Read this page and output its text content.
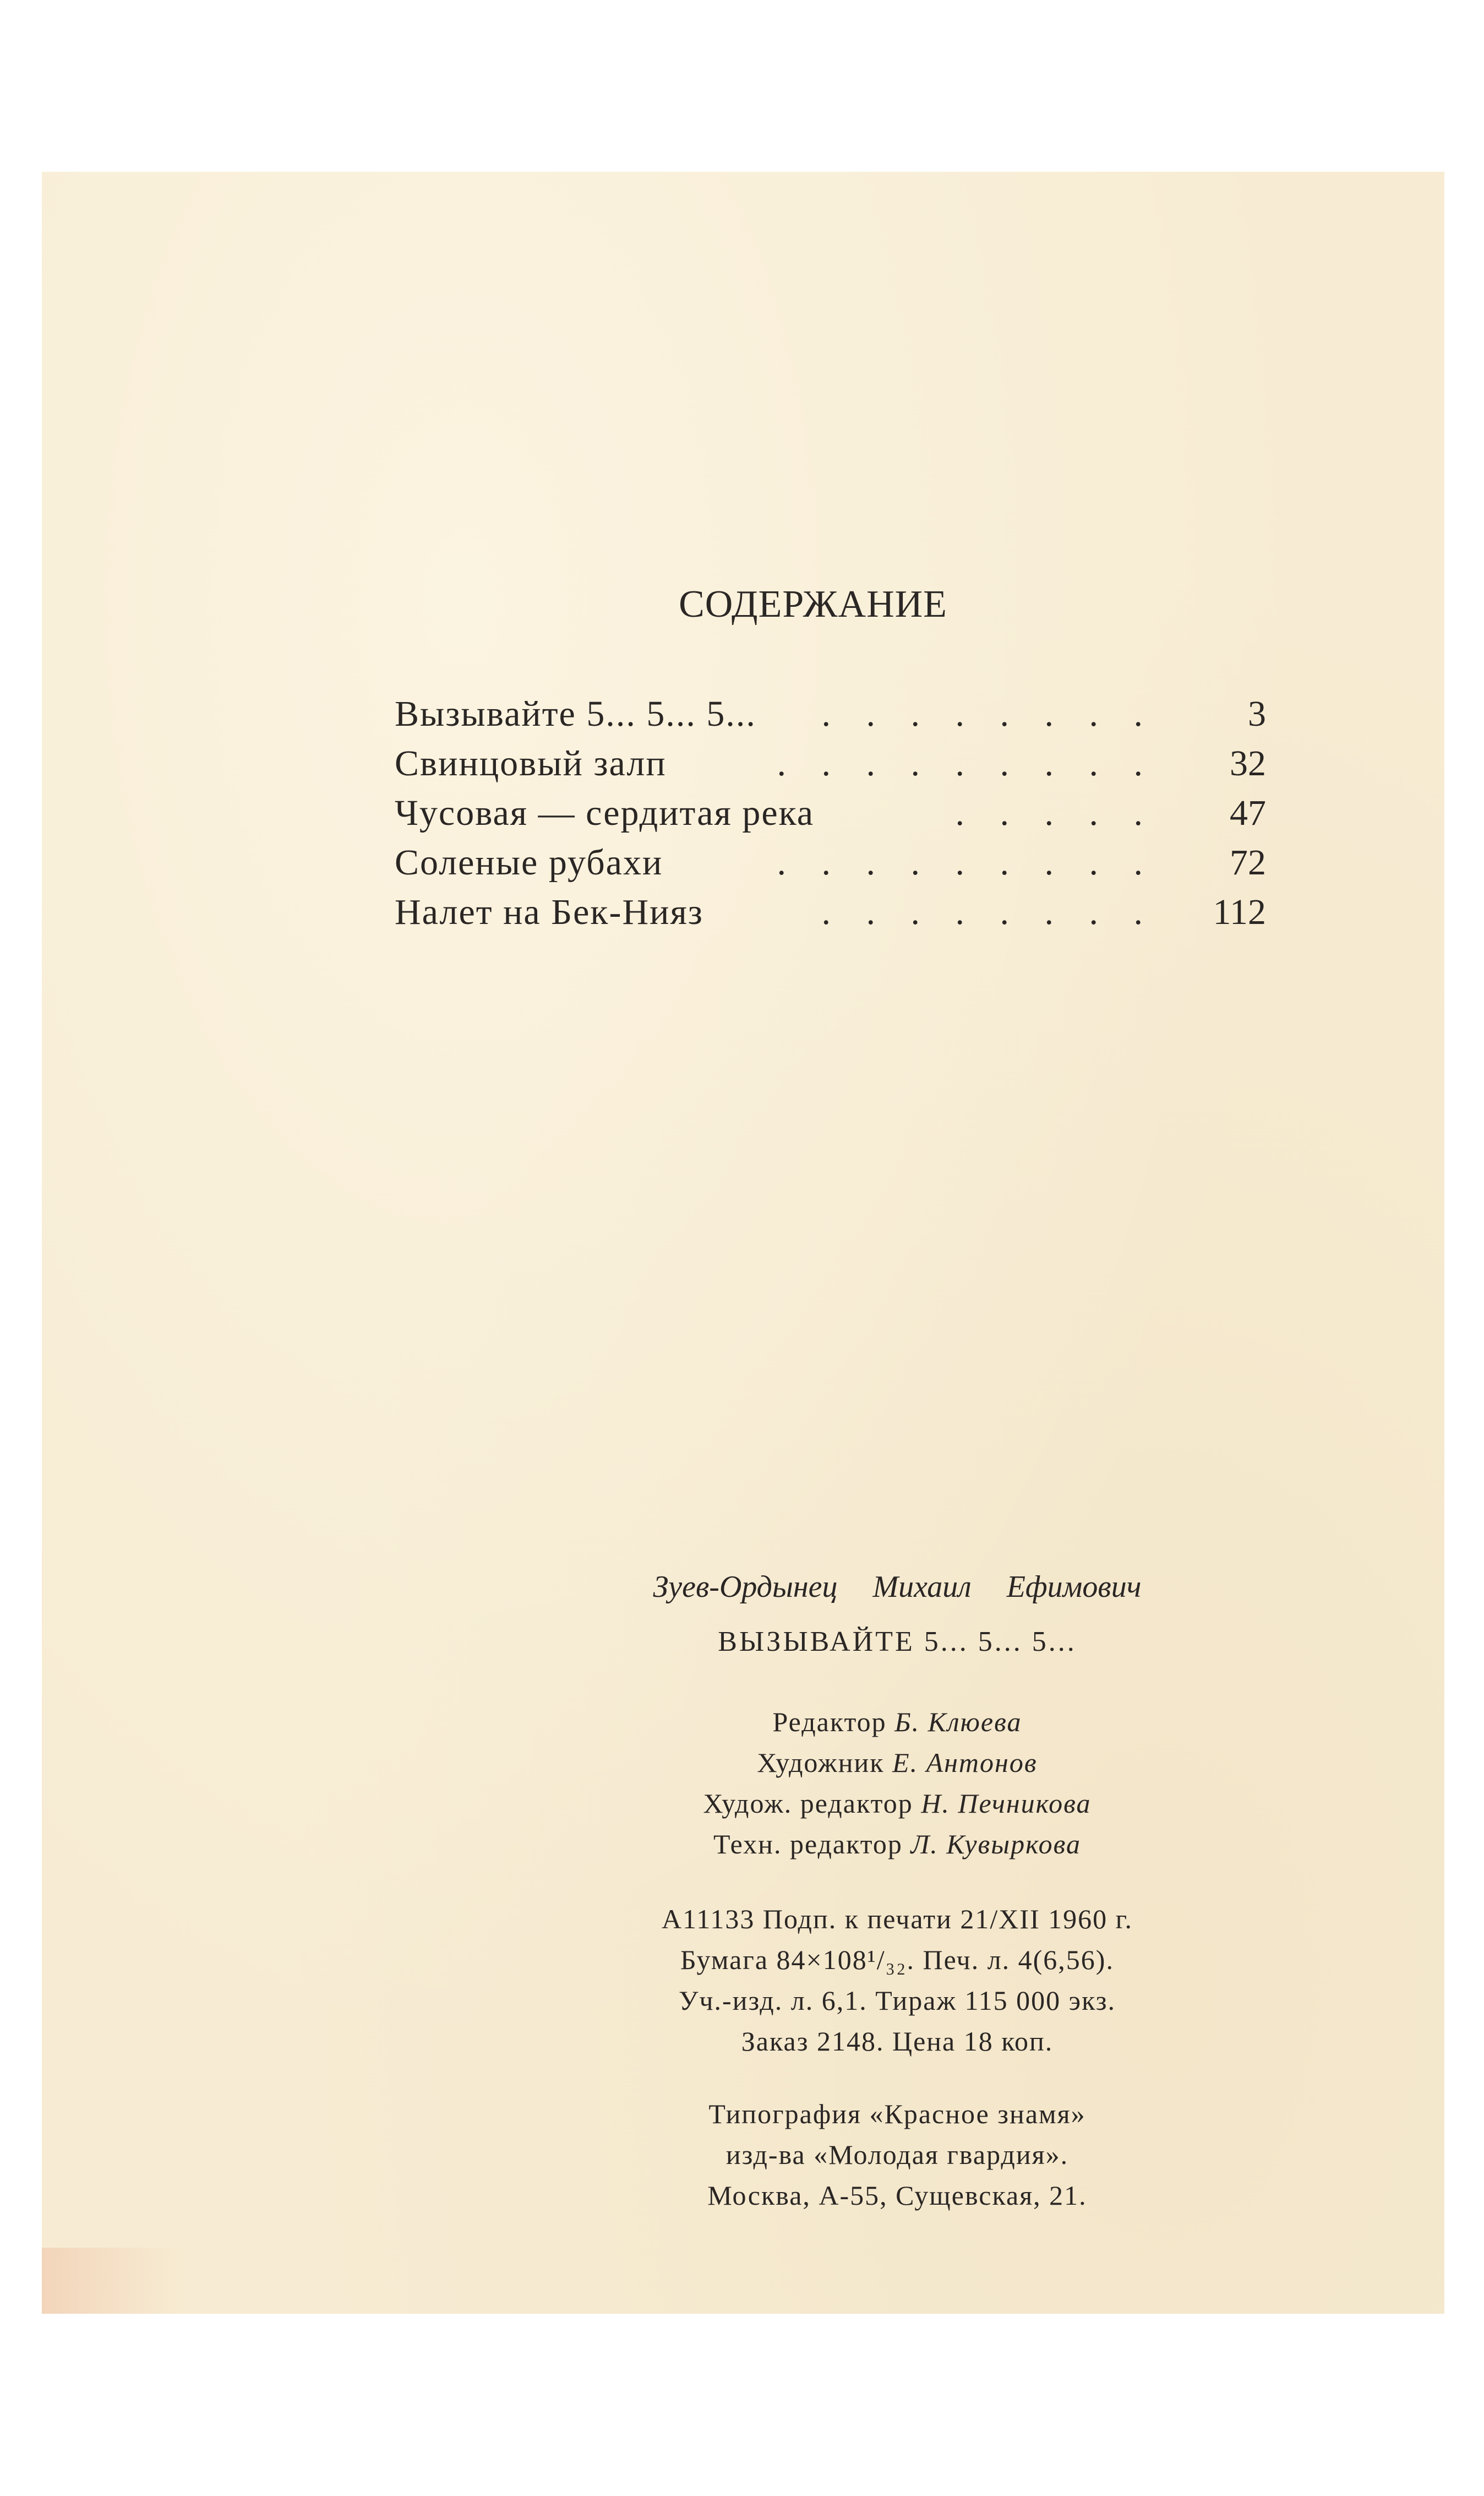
СОДЕРЖАНИЕ
Вызывайте 5... 5... 5... . . . . . . . .	3
Свинцовый залп	. . . . . . . . . 32
Чусовая — сердитая река	. . . . . 47
Соленые рубахи	. . . . . . . . . 72
Налет на Бек-Нияз	. . . . . . . . 112
Зуев-Ордынец Михаил Ефимович
ВЫЗЫВАЙТЕ 5... 5... 5...
Редактор Б. Клюева
Художник Е. Антонов
Худож. редактор Н. Печникова
Техн. редактор Л. Кувыркова
А11133 Подп. к печати 21/XII 1960 г.
Бумага 84×108¹/₃₂. Печ. л. 4(6,56).
Уч.-изд. л. 6,1. Тираж 115 000 экз.
Заказ 2148. Цена 18 коп.
Типография «Красное знамя»
изд-ва «Молодая гвардия».
Москва, А-55, Сущевская, 21.
